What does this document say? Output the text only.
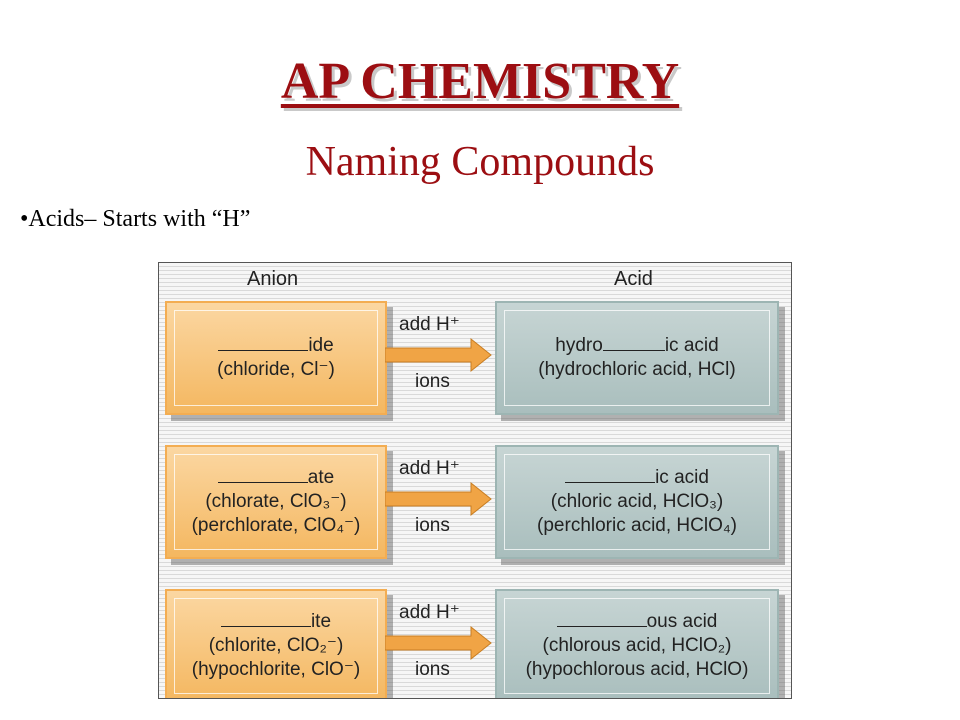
AP CHEMISTRY
Naming Compounds
•Acids– Starts with “H”
Anion	Acid
ide
(chloride, Cl⁻)
add H⁺
ions
hydro	ic acid
(hydrochloric acid, HCl)
ate
(chlorate, ClO₃⁻)
(perchlorate, ClO₄⁻)
add H⁺
ions
ic acid
(chloric acid, HClO₃)
(perchloric acid, HClO₄)
ite
(chlorite, ClO₂⁻)
(hypochlorite, ClO⁻)
add H⁺
ions
ous acid
(chlorous acid, HClO₂)
(hypochlorous acid, HClO)
